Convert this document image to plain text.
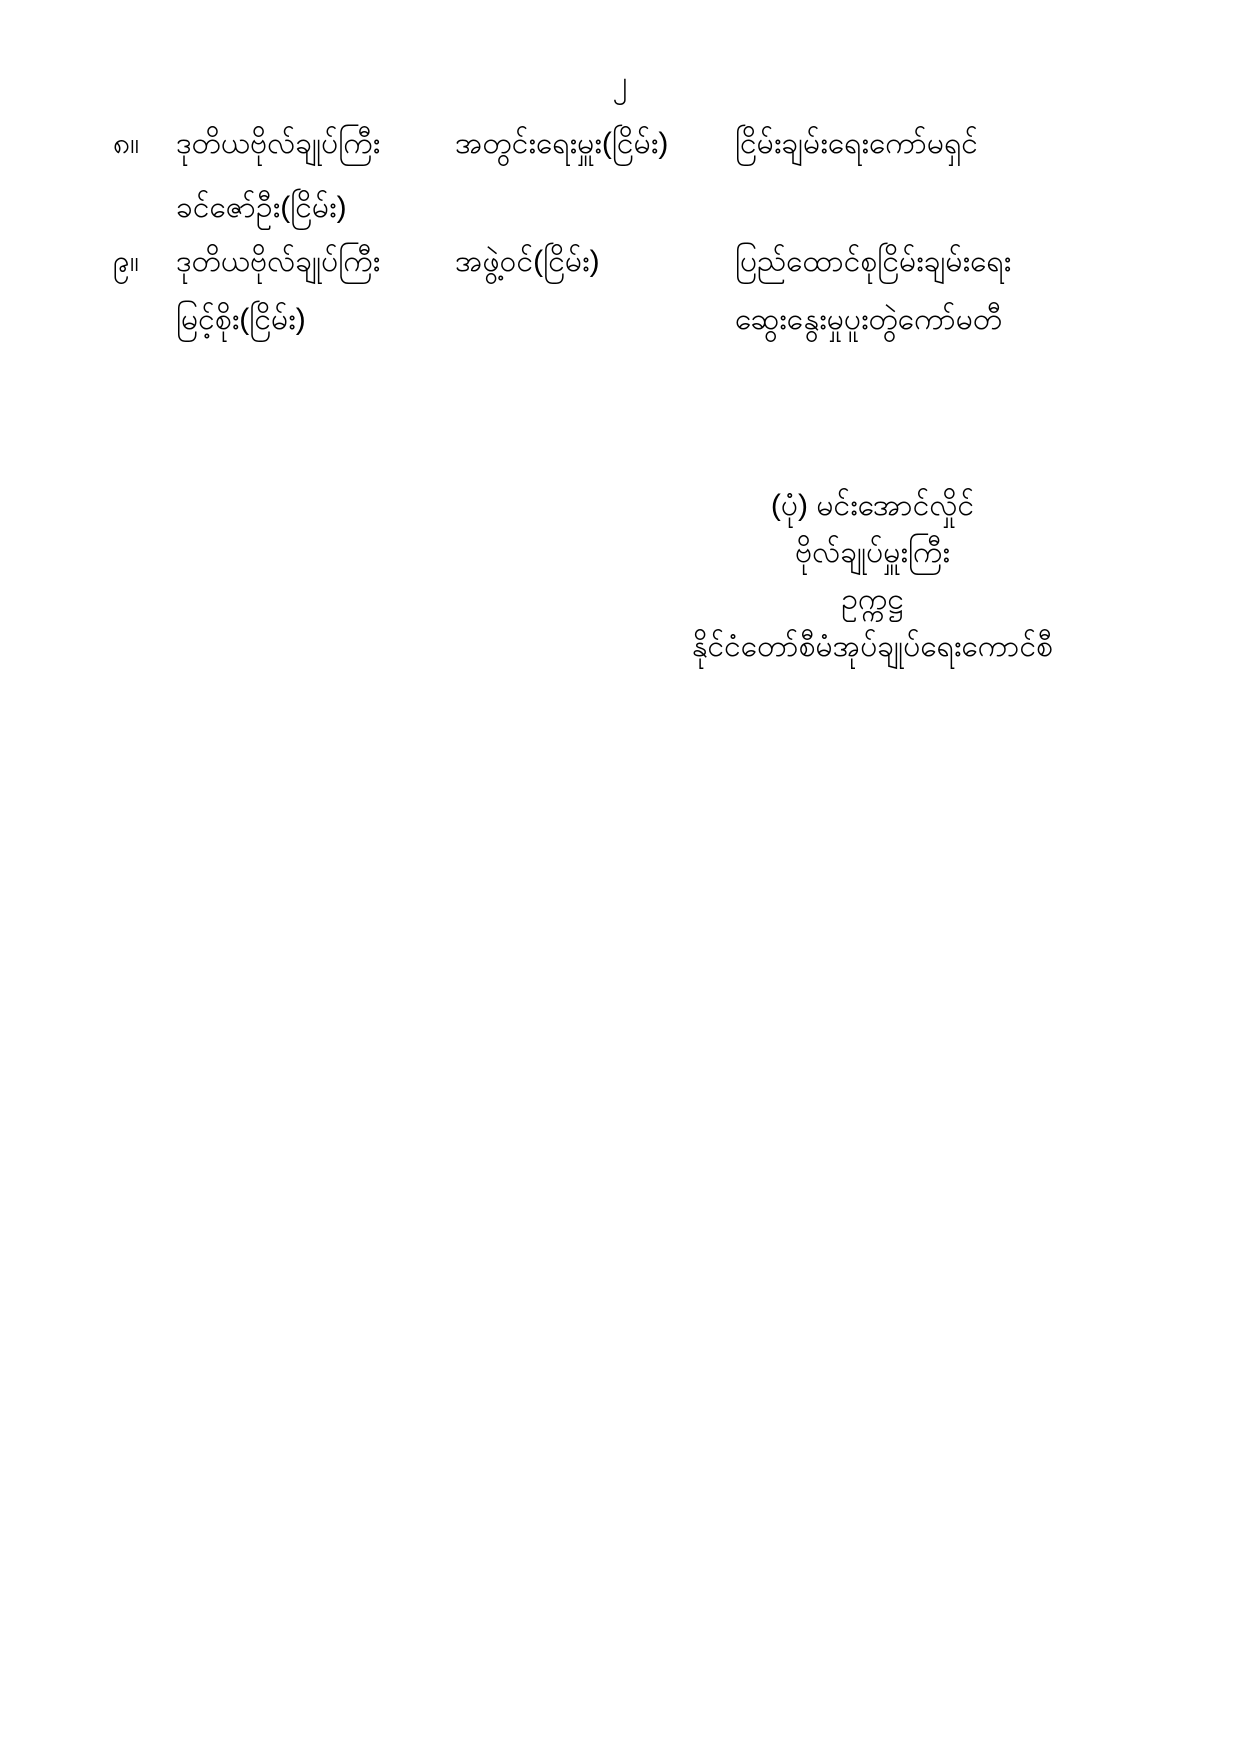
၂
၈။ ဒုတိယဗိုလ်ချုပ်ကြီး အတွင်းရေးမှူး(ငြိမ်း) ငြိမ်းချမ်းရေးကော်မရှင်
ခင်ဇော်ဦး(ငြိမ်း)
၉။ ဒုတိယဗိုလ်ချုပ်ကြီး အဖွဲ့ဝင်(ငြိမ်း)	ပြည်ထောင်စုငြိမ်းချမ်းရေး
မြင့်စိုး(ငြိမ်း)	ဆွေးနွေးမှုပူးတွဲကော်မတီ
(ပုံ) မင်းအောင်လှိုင်
ဗိုလ်ချုပ်မှူးကြီး
ဥက္ကဋ္ဌ
နိုင်ငံတော်စီမံအုပ်ချုပ်ရေးကောင်စီ
